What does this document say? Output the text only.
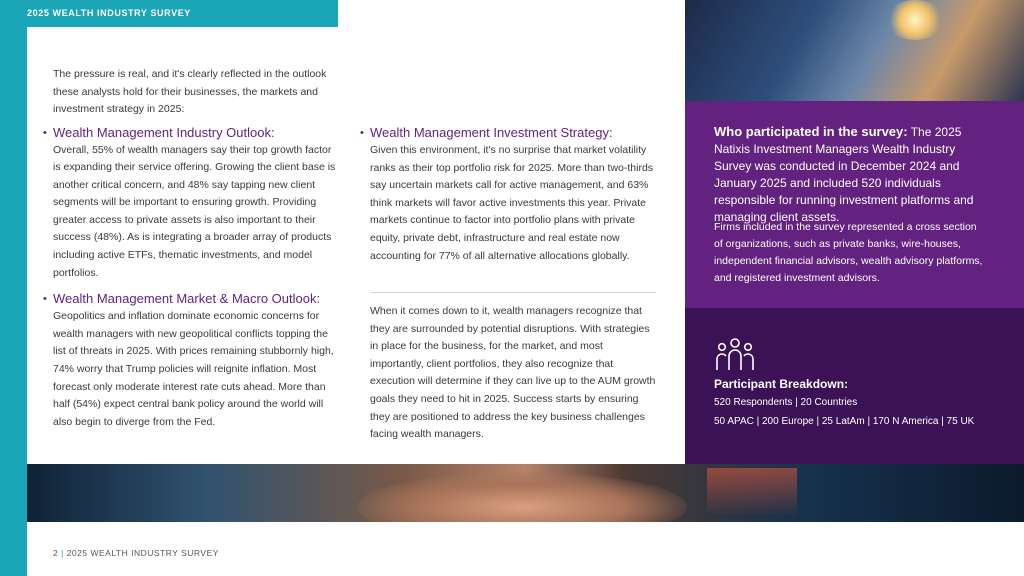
2025 WEALTH INDUSTRY SURVEY

The pressure is real, and it's clearly reflected in the outlook these analysts hold for their businesses, the markets and investment strategy in 2025:

• Wealth Management Industry Outlook:

Overall, 55% of wealth managers say their top growth factor is expanding their service offering. Growing the client base is another critical concern, and 48% say tapping new client segments will be important to ensuring growth. Providing greater access to private assets is also important to their success (48%). As is integrating a broader array of products including active ETFs, thematic investments, and model portfolios.

• Wealth Management Market & Macro Outlook:

Geopolitics and inflation dominate economic concerns for wealth managers with new geopolitical conflicts topping the list of threats in 2025. With prices remaining stubbornly high, 74% worry that Trump policies will reignite inflation. Most forecast only moderate interest rate cuts ahead. More than half (54%) expect central bank policy around the world will also begin to diverge from the Fed.

• Wealth Management Investment Strategy:

Given this environment, it's no surprise that market volatility ranks as their top portfolio risk for 2025. More than two-thirds say uncertain markets call for active management, and 63% think markets will favor active investments this year. Private markets continue to factor into portfolio plans with private equity, private debt, infrastructure and real estate now accounting for 77% of all alternative allocations globally.

When it comes down to it, wealth managers recognize that they are surrounded by potential disruptions. With strategies in place for the business, for the market, and most importantly, client portfolios, they also recognize that execution will determine if they can live up to the AUM growth goals they need to hit in 2025. Success starts by ensuring they are positioned to address the key business challenges facing wealth managers.

Who participated in the survey: The 2025 Natixis Investment Managers Wealth Industry Survey was conducted in December 2024 and January 2025 and included 520 individuals responsible for running investment platforms and managing client assets.

Firms included in the survey represented a cross section of organizations, such as private banks, wire-houses, independent financial advisors, wealth advisory platforms, and registered investment advisors.

Participant Breakdown:
520 Respondents | 20 Countries
50 APAC | 200 Europe | 25 LatAm | 170 N America | 75 UK
2 | 2025 WEALTH INDUSTRY SURVEY
